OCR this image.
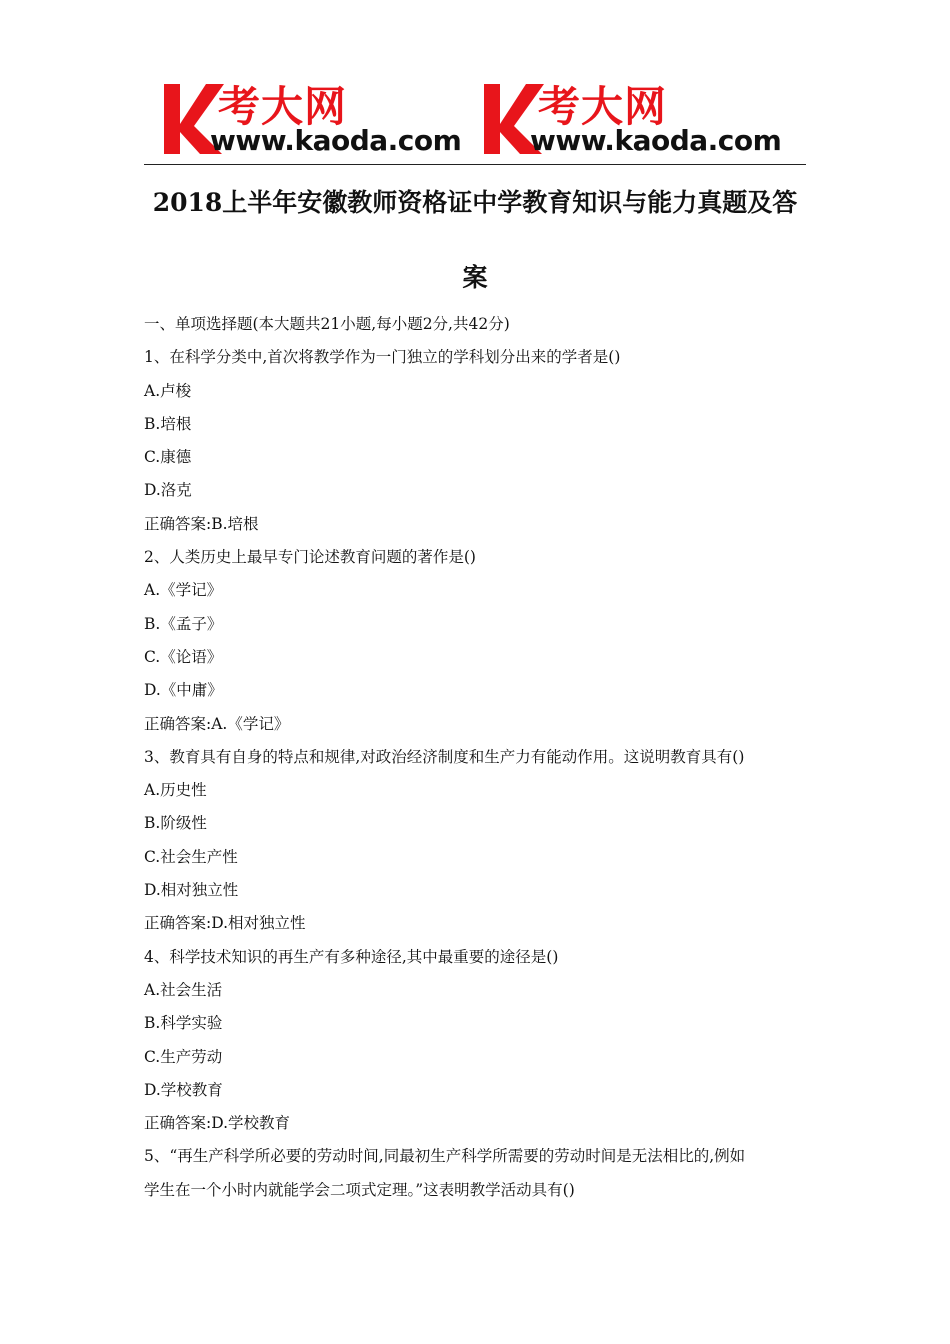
考大网
www.kaoda.com
考大网
www.kaoda.com
2018上半年安徽教师资格证中学教育知识与能力真题及答
案
一、单项选择题(本大题共21小题,每小题2分,共42分)
1、在科学分类中,首次将教学作为一门独立的学科划分出来的学者是()
A.卢梭
B.培根
C.康德
D.洛克
正确答案:B.培根
2、人类历史上最早专门论述教育问题的著作是()
A.《学记》
B.《孟子》
C.《论语》
D.《中庸》
正确答案:A.《学记》
3、教育具有自身的特点和规律,对政治经济制度和生产力有能动作用。这说明教育具有()
A.历史性
B.阶级性
C.社会生产性
D.相对独立性
正确答案:D.相对独立性
4、科学技术知识的再生产有多种途径,其中最重要的途径是()
A.社会生活
B.科学实验
C.生产劳动
D.学校教育
正确答案:D.学校教育
5、“再生产科学所必要的劳动时间,同最初生产科学所需要的劳动时间是无法相比的,例如
学生在一个小时内就能学会二项式定理。”这表明教学活动具有()
